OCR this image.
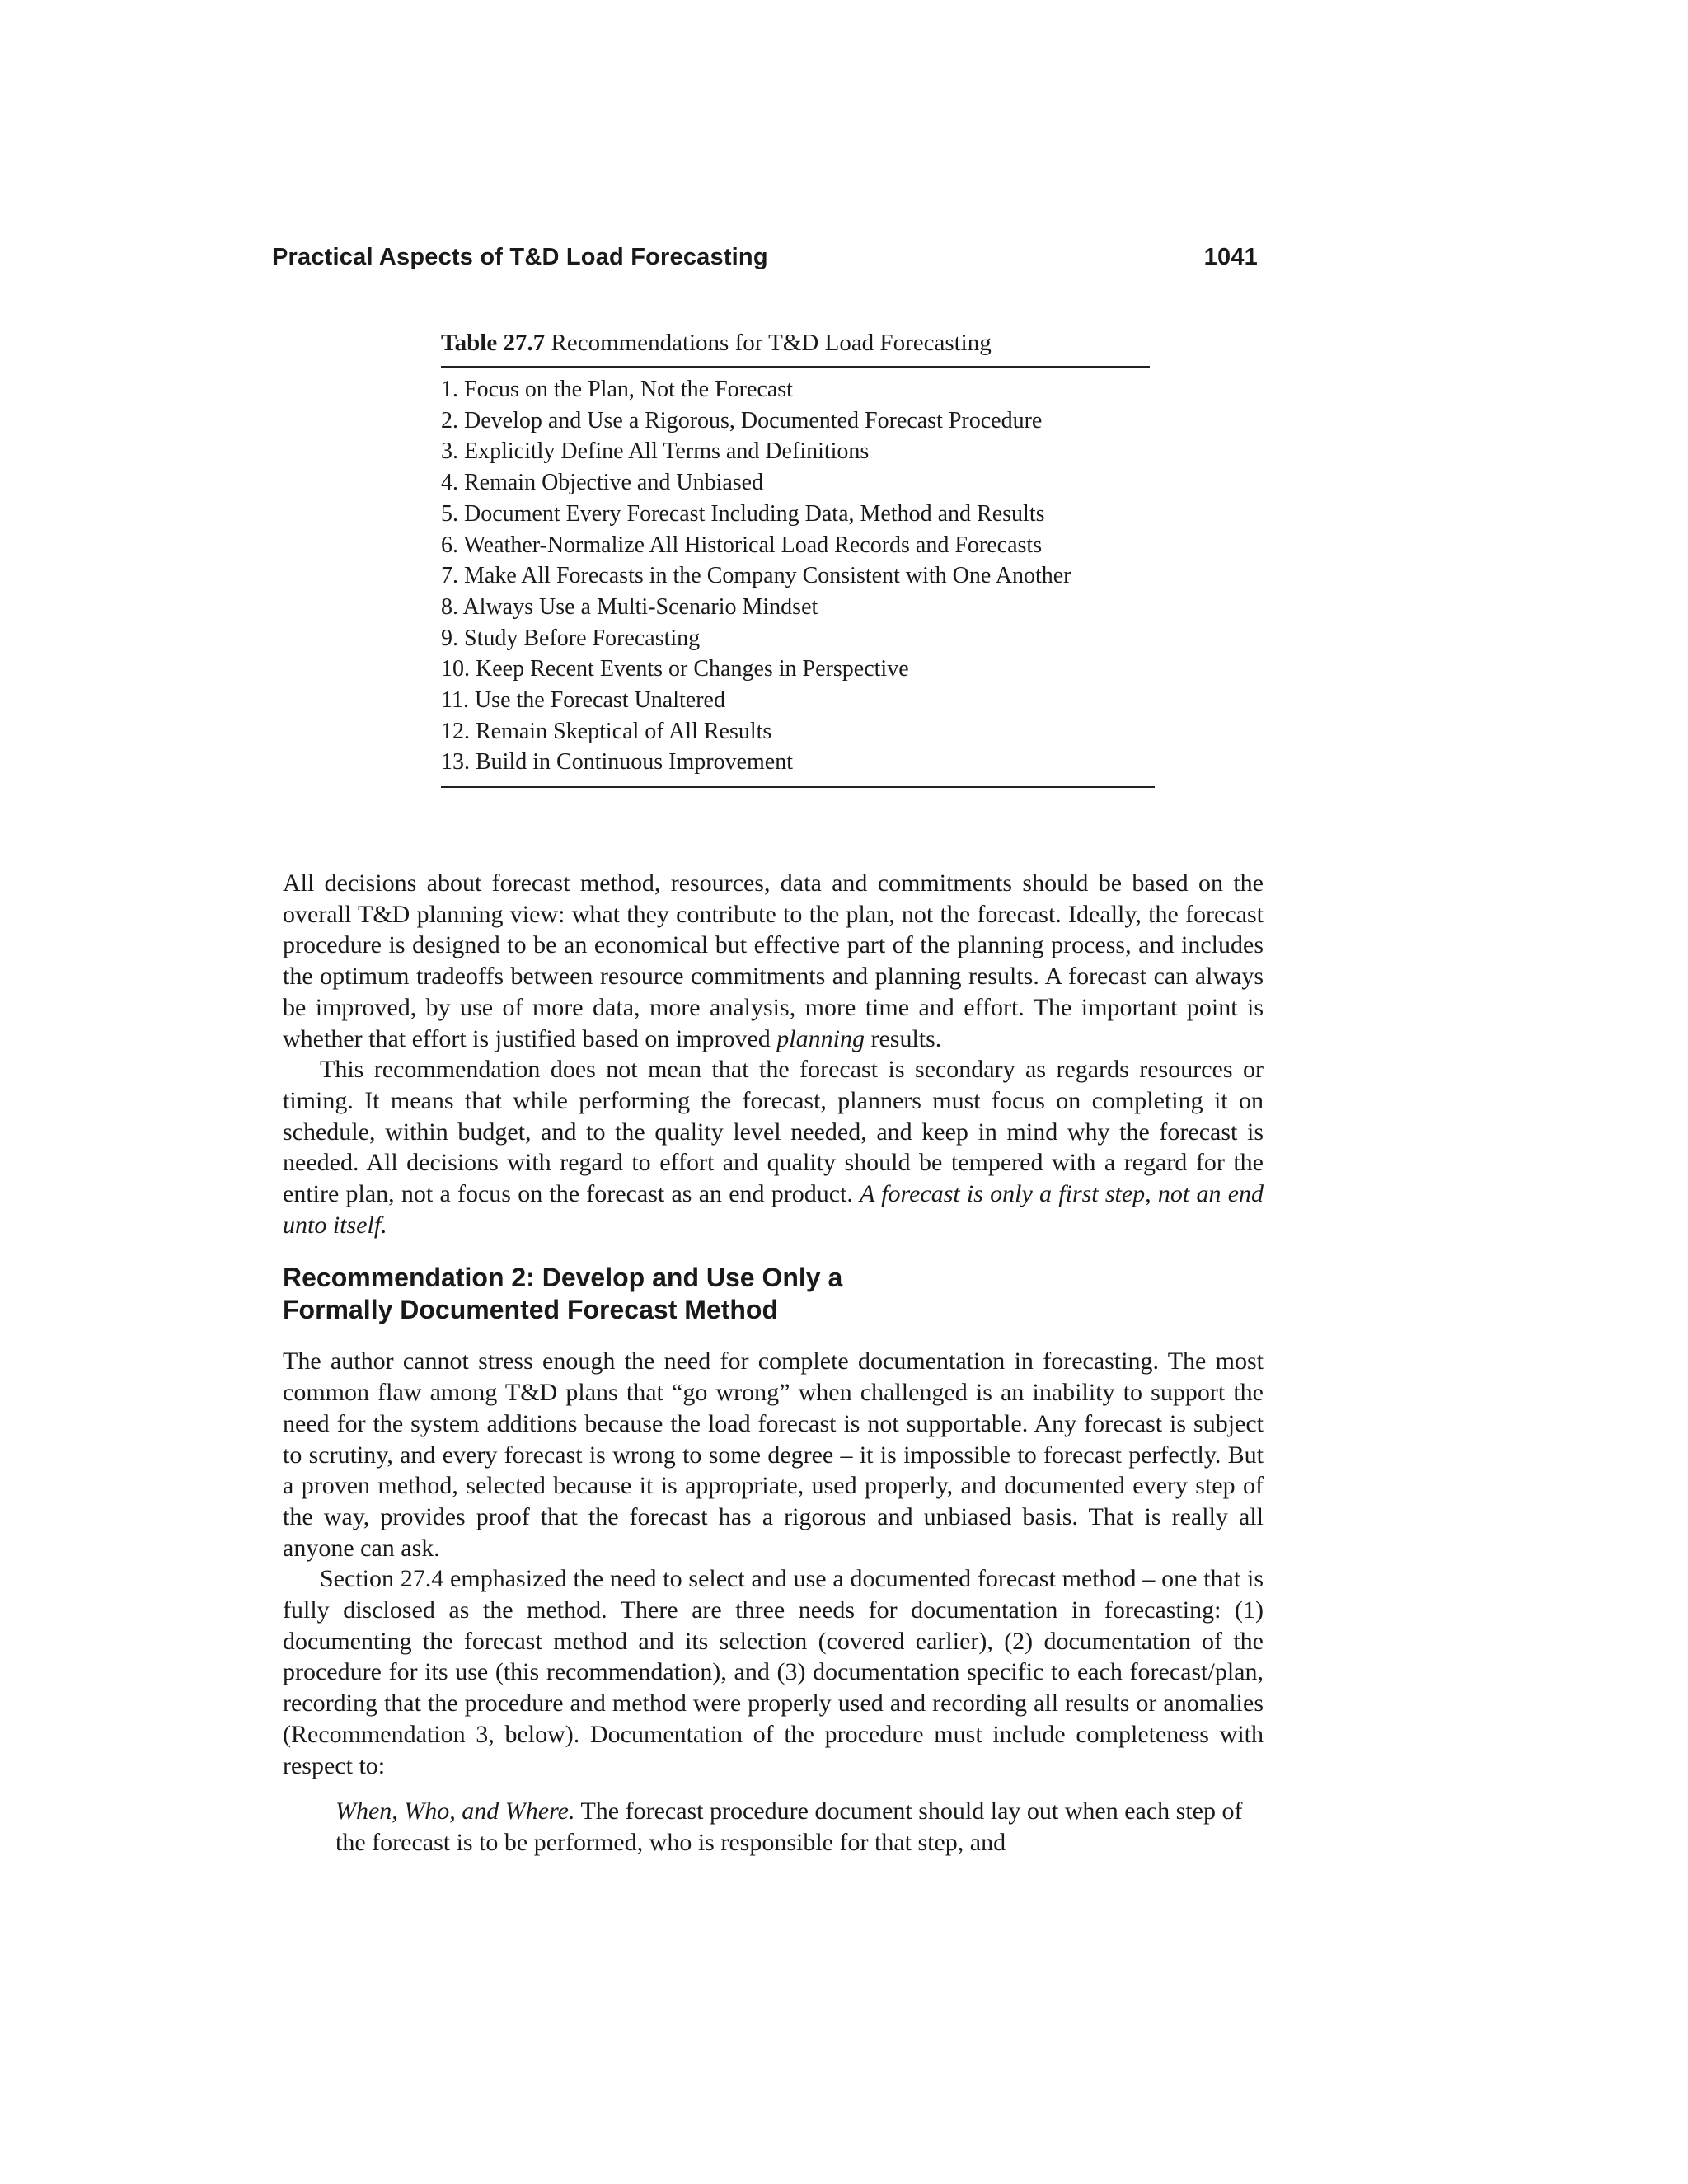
Practical Aspects of T&D Load Forecasting	1041
Table 27.7 Recommendations for T&D Load Forecasting
1. Focus on the Plan, Not the Forecast
2. Develop and Use a Rigorous, Documented Forecast Procedure
3. Explicitly Define All Terms and Definitions
4. Remain Objective and Unbiased
5. Document Every Forecast Including Data, Method and Results
6. Weather-Normalize All Historical Load Records and Forecasts
7. Make All Forecasts in the Company Consistent with One Another
8. Always Use a Multi-Scenario Mindset
9. Study Before Forecasting
10. Keep Recent Events or Changes in Perspective
11. Use the Forecast Unaltered
12. Remain Skeptical of All Results
13. Build in Continuous Improvement

All decisions about forecast method, resources, data and commitments should be based on the overall T&D planning view: what they contribute to the plan, not the forecast. Ideally, the forecast procedure is designed to be an economical but effective part of the planning process, and includes the optimum tradeoffs between resource commitments and planning results. A forecast can always be improved, by use of more data, more analysis, more time and effort. The important point is whether that effort is justified based on improved planning results.

This recommendation does not mean that the forecast is secondary as regards resources or timing. It means that while performing the forecast, planners must focus on completing it on schedule, within budget, and to the quality level needed, and keep in mind why the forecast is needed. All decisions with regard to effort and quality should be tempered with a regard for the entire plan, not a focus on the forecast as an end product. A forecast is only a first step, not an end unto itself.

Recommendation 2: Develop and Use Only a
Formally Documented Forecast Method

The author cannot stress enough the need for complete documentation in forecasting. The most common flaw among T&D plans that “go wrong” when challenged is an inability to support the need for the system additions because the load forecast is not supportable. Any forecast is subject to scrutiny, and every forecast is wrong to some degree – it is impossible to forecast perfectly. But a proven method, selected because it is appropriate, used properly, and documented every step of the way, provides proof that the forecast has a rigorous and unbiased basis. That is really all anyone can ask.

Section 27.4 emphasized the need to select and use a documented forecast method – one that is fully disclosed as the method. There are three needs for documentation in forecasting: (1) documenting the forecast method and its selection (covered earlier), (2) documentation of the procedure for its use (this recommendation), and (3) documentation specific to each forecast/plan, recording that the procedure and method were properly used and recording all results or anomalies (Recommendation 3, below). Documentation of the procedure must include completeness with respect to:

When, Who, and Where. The forecast procedure document should lay out when each step of the forecast is to be performed, who is responsible for that step, and
